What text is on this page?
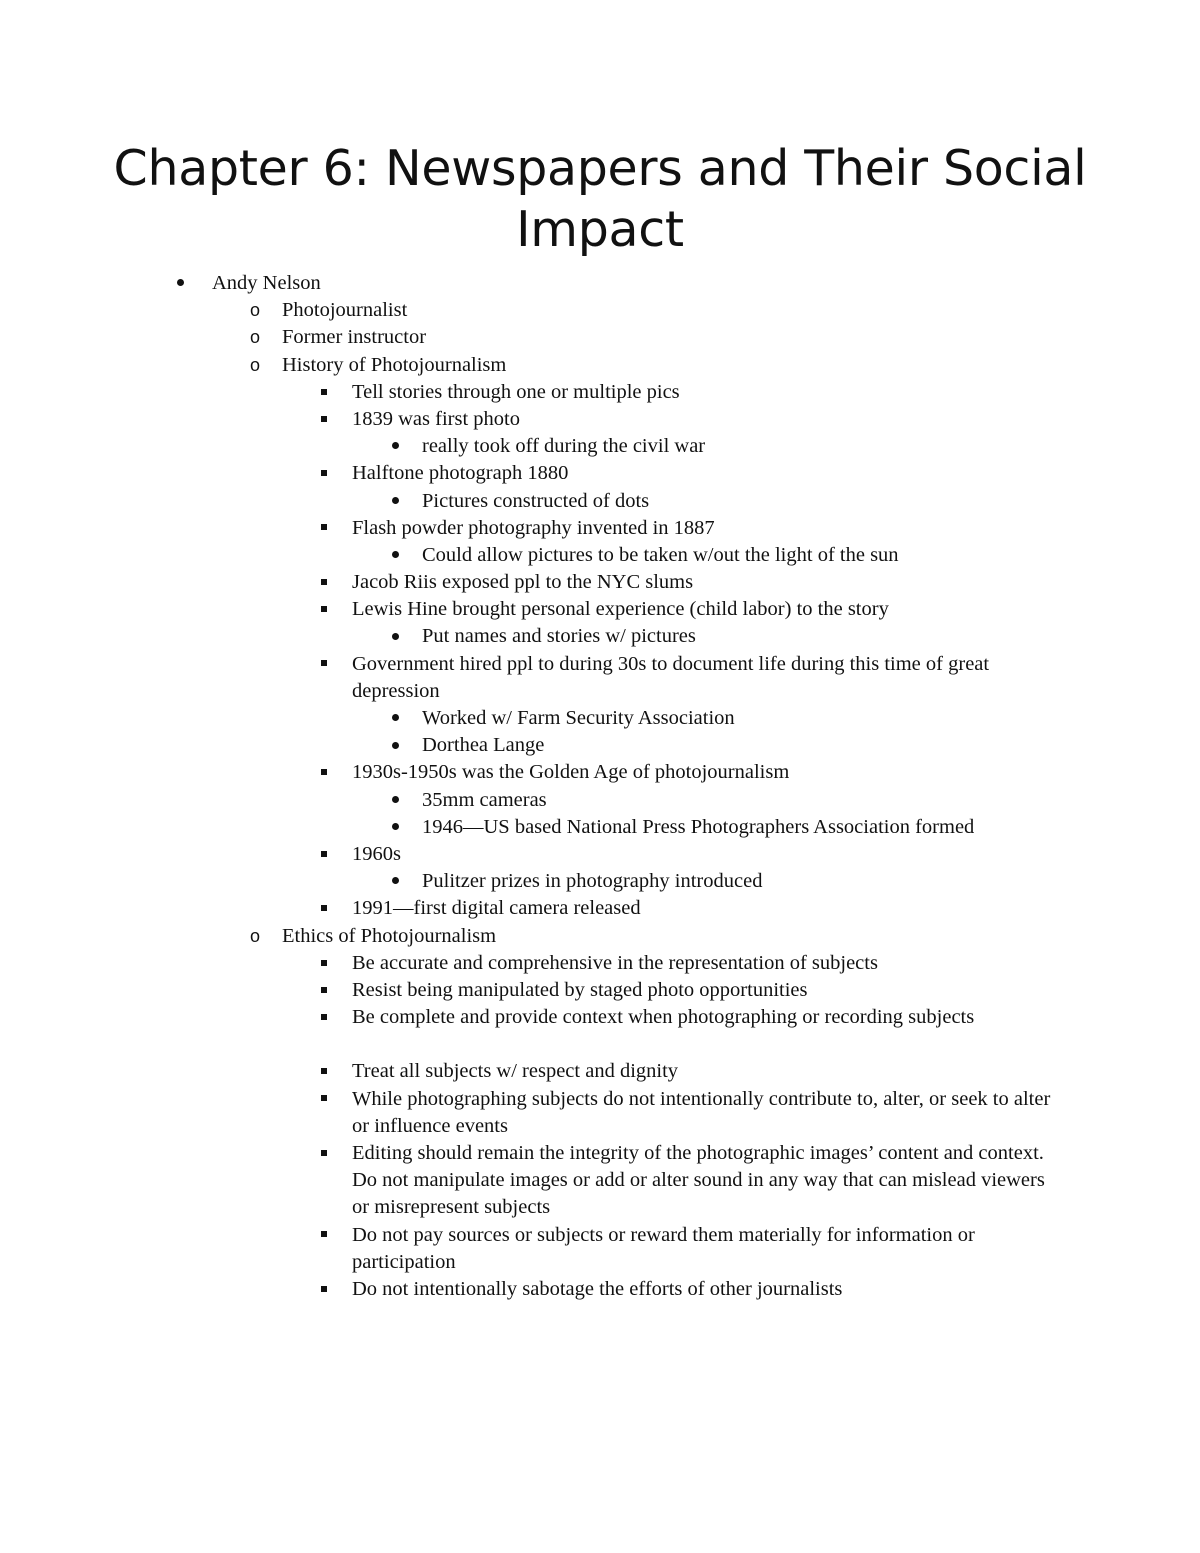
Chapter 6: Newspapers and Their Social Impact
Andy Nelson
o Photojournalist
o Former instructor
o History of Photojournalism
Tell stories through one or multiple pics
1839 was first photo
really took off during the civil war
Halftone photograph 1880
Pictures constructed of dots
Flash powder photography invented in 1887
Could allow pictures to be taken w/out the light of the sun
Jacob Riis exposed ppl to the NYC slums
Lewis Hine brought personal experience (child labor) to the story
Put names and stories w/ pictures
Government hired ppl to during 30s to document life during this time of great depression
Worked w/ Farm Security Association
Dorthea Lange
1930s-1950s was the Golden Age of photojournalism
35mm cameras
1946—US based National Press Photographers Association formed
1960s
Pulitzer prizes in photography introduced
1991—first digital camera released
o Ethics of Photojournalism
Be accurate and comprehensive in the representation of subjects
Resist being manipulated by staged photo opportunities
Be complete and provide context when photographing or recording subjects
Treat all subjects w/ respect and dignity
While photographing subjects do not intentionally contribute to, alter, or seek to alter or influence events
Editing should remain the integrity of the photographic images’ content and context. Do not manipulate images or add or alter sound in any way that can mislead viewers or misrepresent subjects
Do not pay sources or subjects or reward them materially for information or participation
Do not intentionally sabotage the efforts of other journalists
